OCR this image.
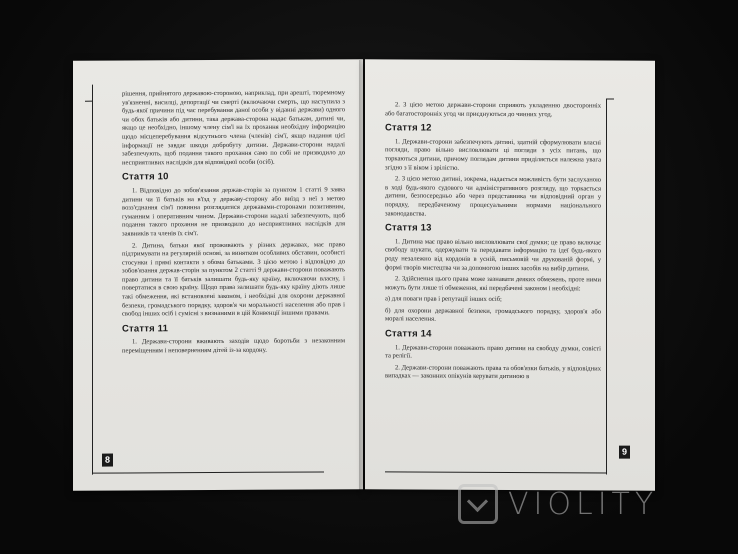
8

рішення, прийнятого державою-стороною, наприклад, при арешті, тюремному ув'язненні, висилці, депортації чи смерті (включаючи смерть, що наступила з будь-якої причини під час перебування даної особи у віданні держави) одного чи обох батьків або дитини, така держава-сторона надає батькам, дитині чи, якщо це необхідно, іншому члену сім'ї на їх прохання необхідну інформацію щодо місцеперебування відсутнього члена (членів) сім'ї, якщо надання цієї інформації не завдає шкоди добробуту дитини. Держави-сторони надалі забезпечують, щоб подання такого прохання само по собі не призводило до несприятливих наслідків для відповідної особи (осіб).

Стаття 10

1. Відповідно до зобов'язання держав-сторін за пунктом 1 статті 9 заява дитини чи її батьків на в'їзд у державу-сторону або виїзд з неї з метою возз'єднання сім'ї повинна розглядатися державами-сторонами позитивним, гуманним і оперативним чином. Держави-сторони надалі забезпечують, щоб подання такого прохання не призводило до несприятливих наслідків для заявників та членів їх сім'ї.

2. Дитина, батьки якої проживають у різних державах, має право підтримувати на регулярній основі, за винятком особливих обставин, особисті стосунки і прямі контакти з обома батьками. З цією метою і відповідно до зобов'язання держав-сторін за пунктом 2 статті 9 держави-сторони поважають право дитини та її батьків залишати будь-яку країну, включаючи власну, і повертатися в свою країну. Щодо права залишати будь-яку країну діють лише такі обмеження, які встановлені законом, і необхідні для охорони державної безпеки, громадського порядку, здоров'я чи моральності населення або прав і свобод інших осіб і сумісні з визнаними в цій Конвенції іншими правами.

Стаття 11

1. Держави-сторони вживають заходів щодо боротьби з незаконним переміщенням і неповерненням дітей із-за кордону.

9

2. З цією метою держави-сторони сприяють укладенню двосторонніх або багатосторонніх угод чи приєднуються до чинних угод.

Стаття 12

1. Держави-сторони забезпечують дитині, здатній сформулювати власні погляди, право вільно висловлювати ці погляди з усіх питань, що торкаються дитини, причому поглядам дитини приділяється належна увага згідно з її віком і зрілістю.

2. З цією метою дитині, зокрема, надається можливість бути заслуханою в ході будь-якого судового чи адміністративного розгляду, що торкається дитини, безпосередньо або через представника чи відповідний орган у порядку, передбаченому процесуальними нормами національного законодавства.

Стаття 13

1. Дитина має право вільно висловлювати свої думки; це право включає свободу шукати, одержувати та передавати інформацію та ідеї будь-якого роду незалежно від кордонів в усній, письмовій чи друкованій формі, у формі творів мистецтва чи за допомогою інших засобів на вибір дитини.

2. Здійснення цього права може зазнавати деяких обмежень, проте ними можуть бути лише ті обмеження, які передбачені законом і необхідні:

а) для поваги прав і репутації інших осіб;

б) для охорони державної безпеки, громадського порядку, здоров'я або моралі населення.

Стаття 14

1. Держави-сторони поважають право дитини на свободу думки, совісті та релігії.

2. Держави-сторони поважають права та обов'язки батьків, у відповідних випадках — законних опікунів керувати дитиною в

VIOLITY
